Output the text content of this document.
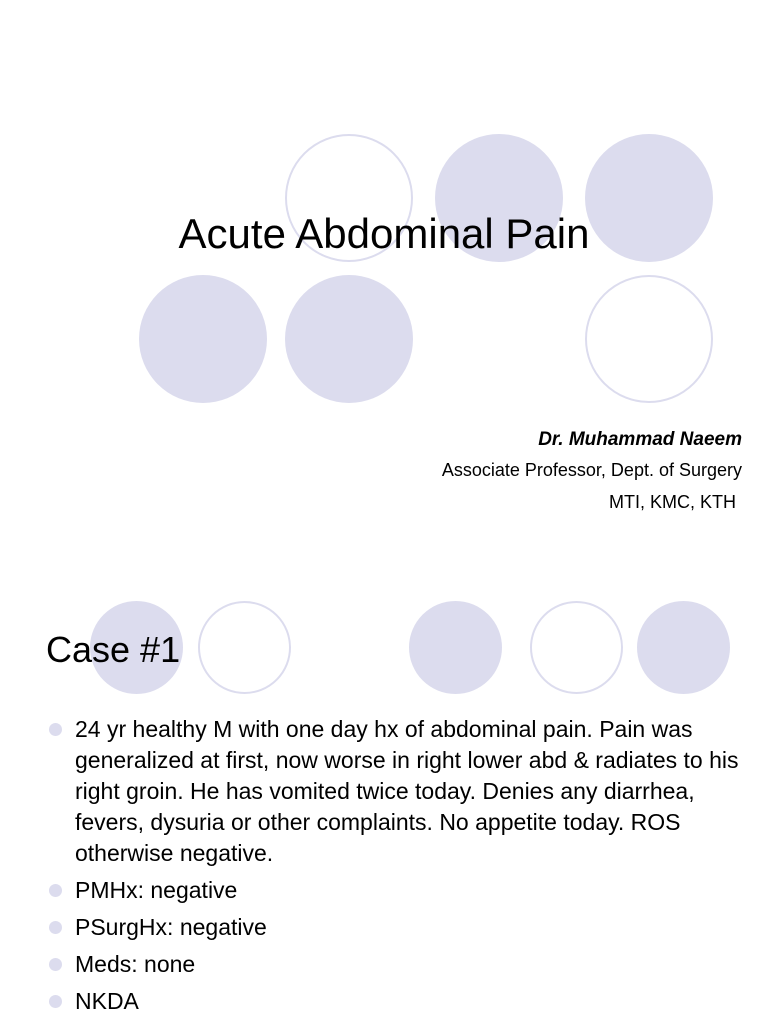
Acute Abdominal Pain
Dr. Muhammad Naeem
Associate Professor, Dept. of Surgery
MTI, KMC, KTH
Case #1
24 yr healthy M with one day hx of abdominal pain. Pain was generalized at first, now worse in right lower abd & radiates to his right groin. He has vomited twice today. Denies any diarrhea, fevers, dysuria or other complaints. No appetite today. ROS otherwise negative.
PMHx: negative
PSurgHx: negative
Meds: none
NKDA
